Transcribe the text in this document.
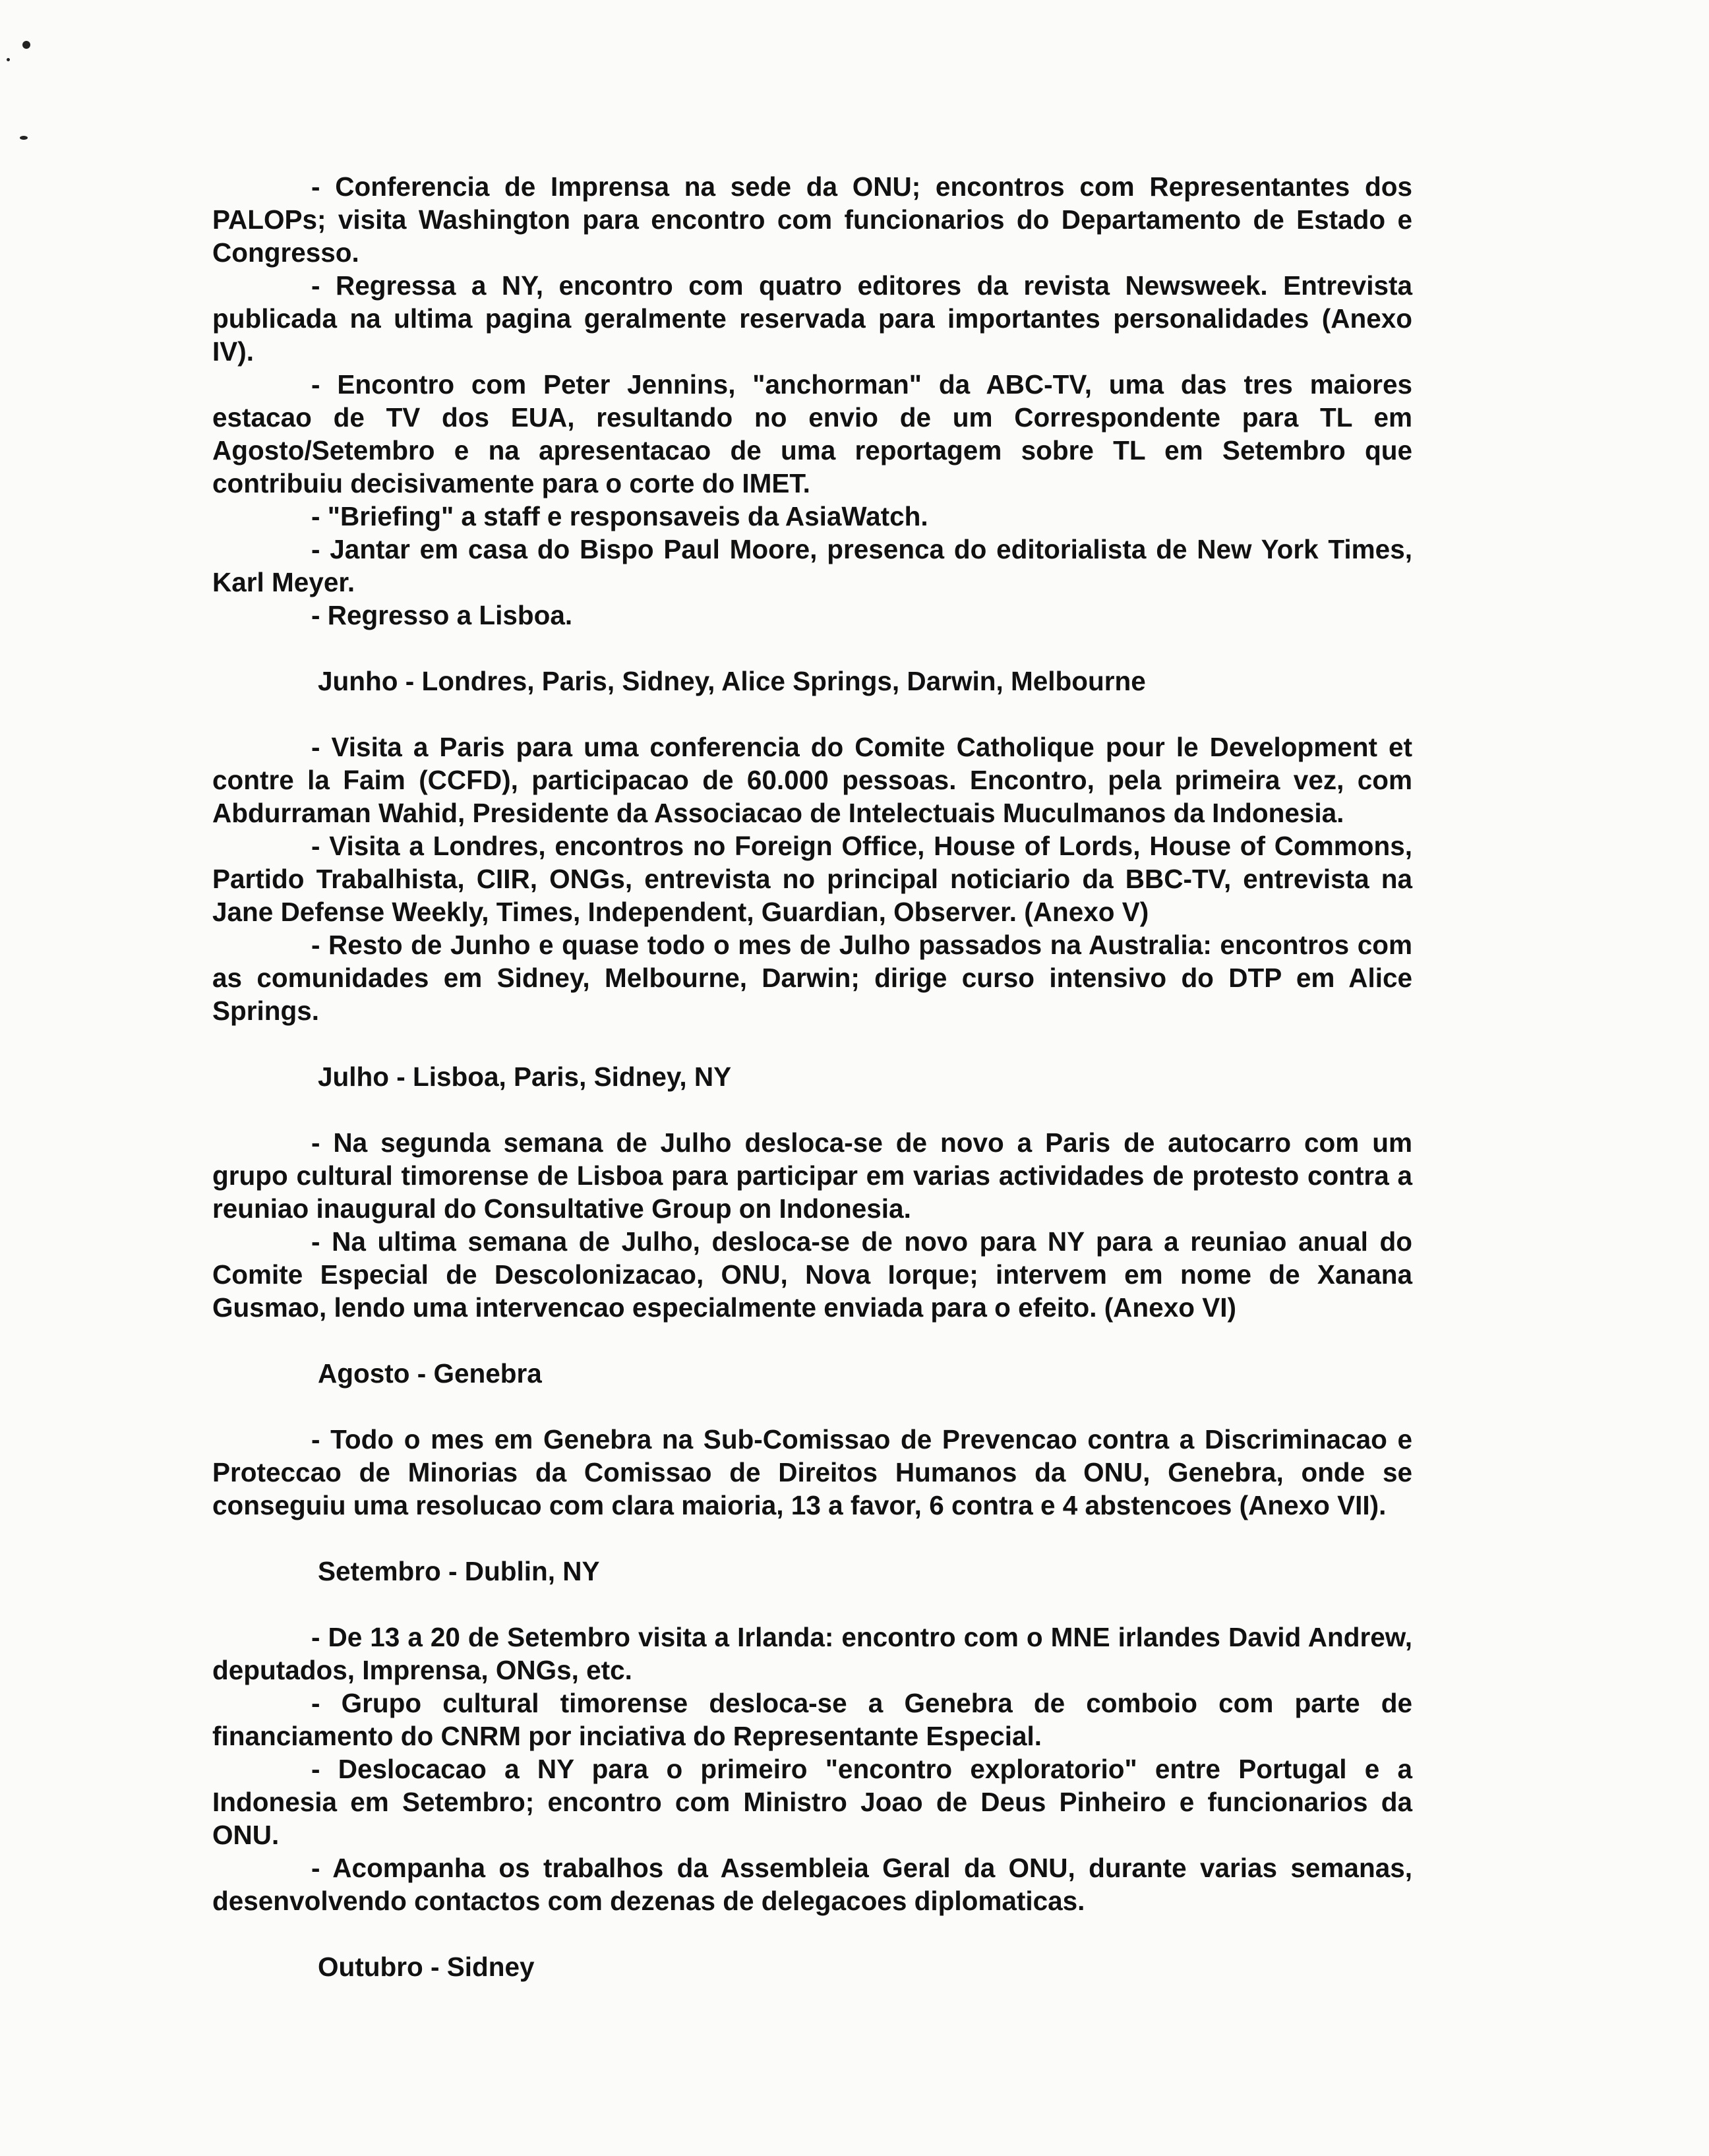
- Conferencia de Imprensa na sede da ONU; encontros com Representantes dos PALOPs; visita Washington para encontro com funcionarios do Departamento de Estado e Congresso.

- Regressa a NY, encontro com quatro editores da revista Newsweek. Entrevista publicada na ultima pagina geralmente reservada para importantes personalidades (Anexo IV).

- Encontro com Peter Jennins, "anchorman" da ABC-TV, uma das tres maiores estacao de TV dos EUA, resultando no envio de um Correspondente para TL em Agosto/Setembro e na apresentacao de uma reportagem sobre TL em Setembro que contribuiu decisivamente para o corte do IMET.

- "Briefing" a staff e responsaveis da AsiaWatch.

- Jantar em casa do Bispo Paul Moore, presenca do editorialista de New York Times, Karl Meyer.

- Regresso a Lisboa.

Junho - Londres, Paris, Sidney, Alice Springs, Darwin, Melbourne

- Visita a Paris para uma conferencia do Comite Catholique pour le Development et contre la Faim (CCFD), participacao de 60.000 pessoas. Encontro, pela primeira vez, com Abdurraman Wahid, Presidente da Associacao de Intelectuais Muculmanos da Indonesia.

- Visita a Londres, encontros no Foreign Office, House of Lords, House of Commons, Partido Trabalhista, CIIR, ONGs, entrevista no principal noticiario da BBC-TV, entrevista na Jane Defense Weekly, Times, Independent, Guardian, Observer. (Anexo V)

- Resto de Junho e quase todo o mes de Julho passados na Australia: encontros com as comunidades em Sidney, Melbourne, Darwin; dirige curso intensivo do DTP em Alice Springs.

Julho - Lisboa, Paris, Sidney, NY

- Na segunda semana de Julho desloca-se de novo a Paris de autocarro com um grupo cultural timorense de Lisboa para participar em varias actividades de protesto contra a reuniao inaugural do Consultative Group on Indonesia.

- Na ultima semana de Julho, desloca-se de novo para NY para a reuniao anual do Comite Especial de Descolonizacao, ONU, Nova Iorque; intervem em nome de Xanana Gusmao, lendo uma intervencao especialmente enviada para o efeito. (Anexo VI)

Agosto - Genebra

- Todo o mes em Genebra na Sub-Comissao de Prevencao contra a Discriminacao e Proteccao de Minorias da Comissao de Direitos Humanos da ONU, Genebra, onde se conseguiu uma resolucao com clara maioria, 13 a favor, 6 contra e 4 abstencoes (Anexo VII).

Setembro - Dublin, NY

- De 13 a 20 de Setembro visita a Irlanda: encontro com o MNE irlandes David Andrew, deputados, Imprensa, ONGs, etc.

- Grupo cultural timorense desloca-se a Genebra de comboio com parte de financiamento do CNRM por inciativa do Representante Especial.

- Deslocacao a NY para o primeiro "encontro exploratorio" entre Portugal e a Indonesia em Setembro; encontro com Ministro Joao de Deus Pinheiro e funcionarios da ONU.

- Acompanha os trabalhos da Assembleia Geral da ONU, durante varias semanas, desenvolvendo contactos com dezenas de delegacoes diplomaticas.

Outubro - Sidney
